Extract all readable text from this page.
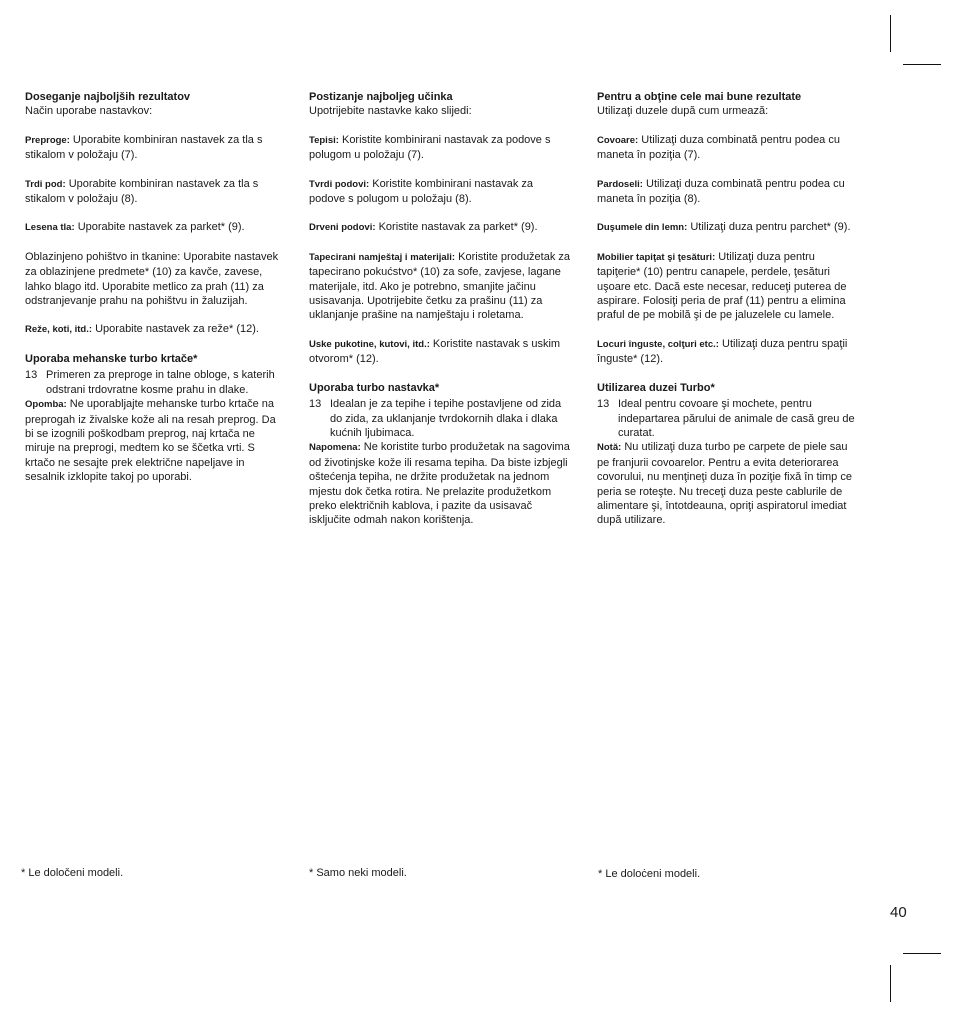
Doseganje najboljših rezultatov

Način uporabe nastavkov:

Preproge: Uporabite kombiniran nastavek za tla s stikalom v položaju (7).

Trdi pod: Uporabite kombiniran nastavek za tla s stikalom v položaju (8).

Lesena tla: Uporabite nastavek za parket* (9).

Oblazinjeno pohištvo in tkanine: Uporabite nastavek za oblazinjene predmete* (10) za kavče, zavese, lahko blago itd. Uporabite metlico za prah (11) za odstranjevanje prahu na pohištvu in žaluzijah.

Reže, koti, itd.: Uporabite nastavek za reže* (12).

Uporaba mehanske turbo krtače*

13 Primeren za preproge in talne obloge, s katerih odstrani trdovratne kosme prahu in dlake.

Opomba: Ne uporabljajte mehanske turbo krtače na preprogah iz živalske kože ali na resah preprog. Da bi se izognili poškodbam preprog, naj krtača ne miruje na preprogi, medtem ko se ščetka vrti. S krtačo ne sesajte prek električne napeljave in sesalnik izklopite takoj po uporabi.

Postizanje najboljeg učinka

Upotrijebite nastavke kako slijedi:

Tepisi: Koristite kombinirani nastavak za podove s polugom u položaju (7).

Tvrdi podovi: Koristite kombinirani nastavak za podove s polugom u položaju (8).

Drveni podovi: Koristite nastavak za parket* (9).

Tapecirani namještaj i materijali: Koristite produžetak za tapecirano pokućstvo* (10) za sofe, zavjese, lagane materijale, itd. Ako je potrebno, smanjite jačinu usisavanja. Upotrijebite četku za prašinu (11) za uklanjanje prašine na namještaju i roletama.

Uske pukotine, kutovi, itd.: Koristite nastavak s uskim otvorom* (12).

Uporaba turbo nastavka*

13 Idealan je za tepihe i tepihe postavljene od zida do zida, za uklanjanje tvrdokornih dlaka i dlaka kućnih ljubimaca.

Napomena: Ne koristite turbo produžetak na sagovima od životinjske kože ili resama tepiha. Da biste izbjegli oštećenja tepiha, ne držite produžetak na jednom mjestu dok četka rotira. Ne prelazite produžetkom preko električnih kablova, i pazite da usisavač isključite odmah nakon korištenja.

Pentru a obţine cele mai bune rezultate

Utilizaţi duzele după cum urmează:

Covoare: Utilizaţi duza combinată pentru podea cu maneta în poziţia (7).

Pardoseli: Utilizaţi duza combinată pentru podea cu maneta în poziţia (8).

Duşumele din lemn: Utilizaţi duza pentru parchet* (9).

Mobilier tapiţat şi ţesături: Utilizaţi duza pentru tapiţerie* (10) pentru canapele, perdele, ţesături uşoare etc. Dacă este necesar, reduceţi puterea de aspirare. Folosiţi peria de praf (11) pentru a elimina praful de pe mobilă şi de pe jaluzelele cu lamele.

Locuri înguste, colţuri etc.: Utilizaţi duza pentru spaţii înguste* (12).

Utilizarea duzei Turbo*

13 Ideal pentru covoare şi mochete, pentru indepartarea părului de animale de casă greu de curatat.

Notă: Nu utilizaţi duza turbo pe carpete de piele sau pe franjurii covoarelor. Pentru a evita deteriorarea covorului, nu menţineţi duza în poziţie fixă în timp ce peria se roteşte. Nu treceţi duza peste cablurile de alimentare şi, întotdeauna, opriţi aspiratorul imediat după utilizare.

* Le določeni modeli.	* Samo neki modeli.	* Le doloċeni modeli.
40
